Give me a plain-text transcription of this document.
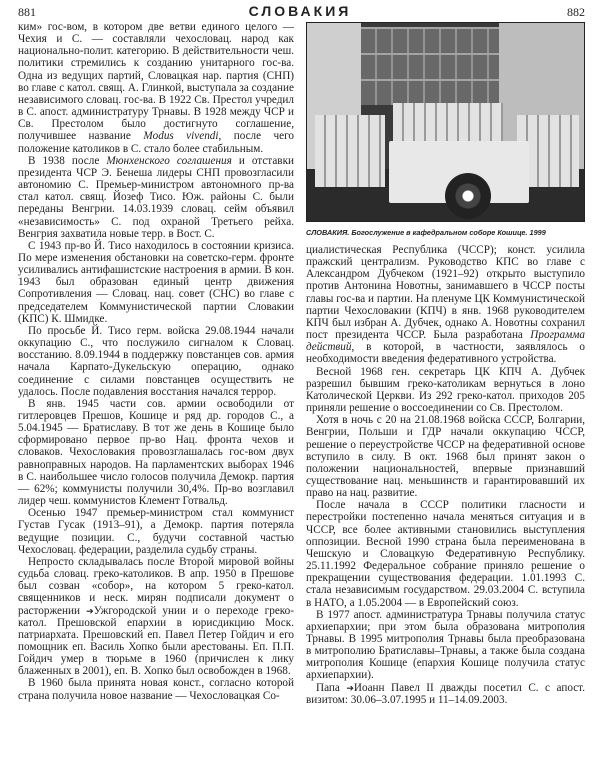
881	СЛОВАКИЯ	882

ким» гос-вом, в котором две ветви единого целого — Чехия и С. — составляли чехословац. народ как национально-полит. категорию. В действительности чеш. политики стремились к созданию унитарного гос-ва. Одна из ведущих партий, Словацкая нар. партия (СНП) во главе с катол. свящ. А. Глинкой, выступала за создание независимого словац. гос-ва. В 1922 Св. Престол учредил в С. апост. администратуру Трнавы. В 1928 между ЧСР и Св. Престолом было достигнуто соглашение, получившее название Modus vivendi, после чего положение католиков в С. стало более стабильным.

В 1938 после Мюнхенского соглашения и отставки президента ЧСР Э. Бенеша лидеры СНП провозгласили автономию С. Премьер-министром автономного пр-ва стал катол. свящ. Йозеф Тисо. Юж. районы С. были переданы Венгрии. 14.03.1939 словац. сейм объявил «независимость» С. под охраной Третьего рейха. Венгрия захватила новые терр. в Вост. С.

С 1943 пр-во Й. Тисо находилось в состоянии кризиса. По мере изменения обстановки на советско-герм. фронте усиливались антифашистские настроения в армии. В кон. 1943 был образован единый центр движения Сопротивления — Словац. нац. совет (СНС) во главе с председателем Коммунистической партии Словакии (КПС) К. Шмидке.

По просьбе Й. Тисо герм. войска 29.08.1944 начали оккупацию С., что послужило сигналом к Словац. восстанию. 8.09.1944 в поддержку повстанцев сов. армия начала Карпато-Дукельскую операцию, однако соединение с силами повстанцев осуществить не удалось. После подавления восстания начался террор.

В янв. 1945 части сов. армии освободили от гитлеровцев Прешов, Кошице и ряд др. городов С., а 5.04.1945 — Братиславу. В тот же день в Кошице было сформировано первое пр-во Нац. фронта чехов и словаков. Чехословакия провозглашалась гос-вом двух равноправных народов. На парламентских выборах 1946 в С. наибольшее число голосов получила Демокр. партия — 62%; коммунисты получили 30,4%. Пр-во возглавил лидер чеш. коммунистов Клемент Готвальд.

Осенью 1947 премьер-министром стал коммунист Густав Гусак (1913–91), а Демокр. партия потеряла ведущие позиции. С., будучи составной частью Чехословац. федерации, разделила судьбу страны.

Непросто складывалась после Второй мировой войны судьба словац. греко-католиков. В апр. 1950 в Прешове был созван «собор», на котором 5 греко-катол. священников и неск. мирян подписали документ о расторжении ➔Ужгородской унии и о переходе греко-катол. Прешовской епархии в юрисдикцию Моск. патриархата. Прешовский еп. Павел Петер Гойдич и его помощник еп. Василь Хопко были арестованы. Еп. П.П. Гойдич умер в тюрьме в 1960 (причислен к лику блаженных в 2001), еп. В. Хопко был освобожден в 1968.

В 1960 была принята новая конст., согласно которой страна получила новое название — Чехословацкая Со-

СЛОВАКИЯ. Богослужение в кафедральном соборе Кошице. 1999

циалистическая Республика (ЧССР); конст. усилила пражский централизм. Руководство КПС во главе с Александром Дубчеком (1921–92) открыто выступило против Антонина Новотны, занимавшего в ЧССР посты главы гос-ва и партии. На пленуме ЦК Коммунистической партии Чехословакии (КПЧ) в янв. 1968 руководителем КПЧ был избран А. Дубчек, однако А. Новотны сохранил пост президента ЧССР. Была разработана Программа действий, в которой, в частности, заявлялось о необходимости введения федеративного устройства.

Весной 1968 ген. секретарь ЦК КПЧ А. Дубчек разрешил бывшим греко-католикам вернуться в лоно Католической Церкви. Из 292 греко-катол. приходов 205 приняли решение о воссоединении со Св. Престолом.

Хотя в ночь с 20 на 21.08.1968 войска СССР, Болгарии, Венгрии, Польши и ГДР начали оккупацию ЧССР, решение о переустройстве ЧССР на федеративной основе вступило в силу. В окт. 1968 был принят закон о положении национальностей, впервые признавший существование нац. меньшинств и гарантировавший их право на нац. развитие.

После начала в СССР политики гласности и перестройки постепенно начала меняться ситуация и в ЧССР, все более активными становились выступления оппозиции. Весной 1990 страна была переименована в Чешскую и Словацкую Федеративную Республику. 25.11.1992 Федеральное собрание приняло решение о прекращении существования федерации. 1.01.1993 С. стала независимым государством. 29.03.2004 С. вступила в НАТО, а 1.05.2004 — в Европейский союз.

В 1977 апост. администратура Трнавы получила статус архиепархии; при этом была образована митрополия Трнавы. В 1995 митрополия Трнавы была преобразована в митрополию Братиславы–Трнавы, а также была создана митрополия Кошице (епархия Кошице получила статус архиепархии).

Папа ➔Иоанн Павел II дважды посетил С. с апост. визитом: 30.06–3.07.1995 и 11–14.09.2003.
